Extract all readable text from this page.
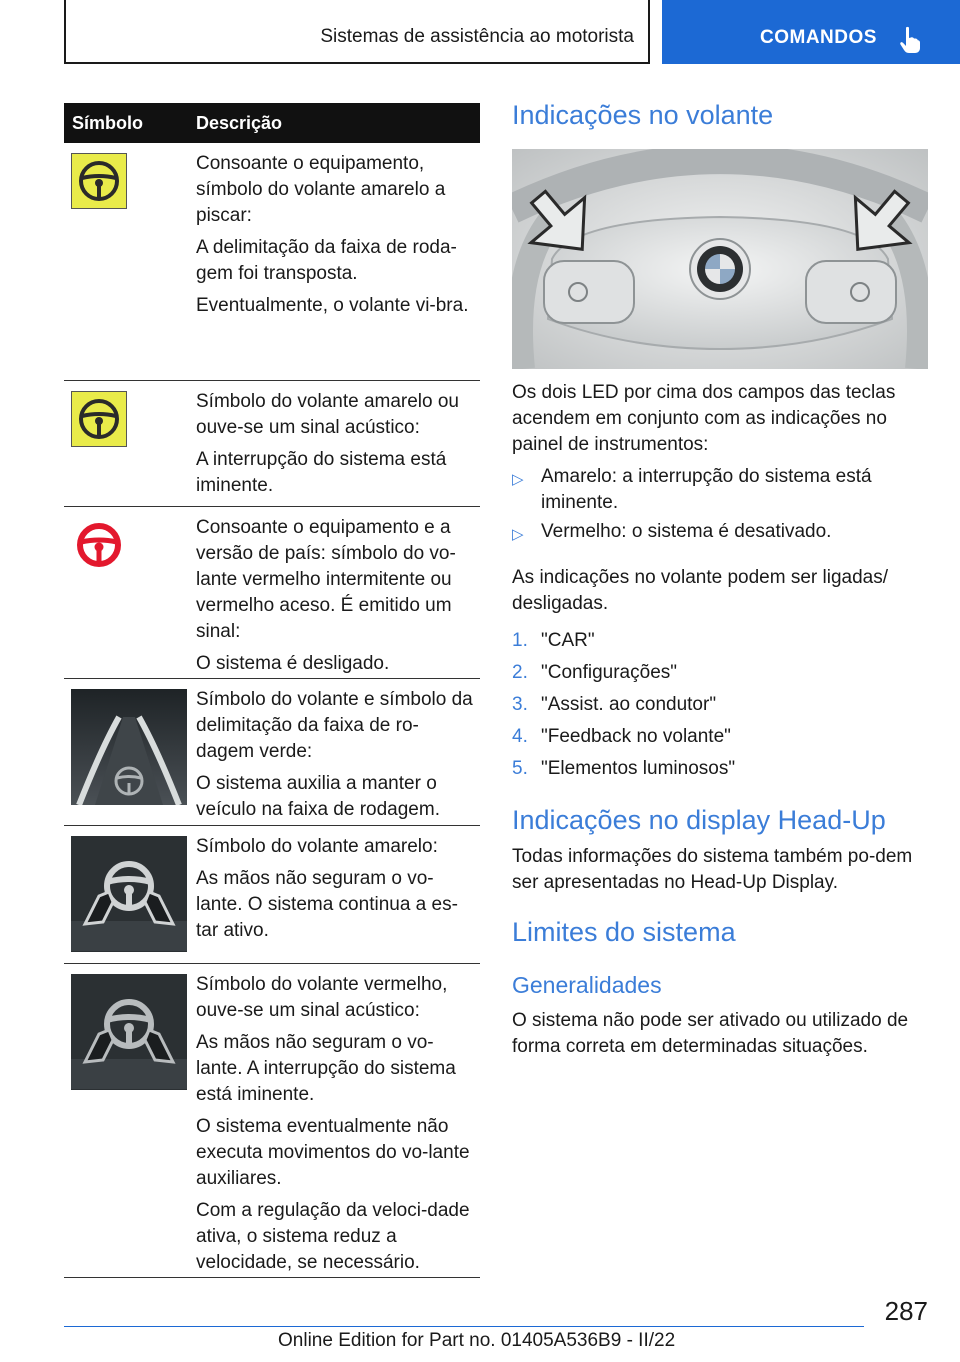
Sistemas de assistência ao motorista	COMANDOS
Símbolo	Descrição

Consoante o equipamento, símbolo do volante amarelo a piscar:

A delimitação da faixa de roda-gem foi transposta.

Eventualmente, o volante vi-bra.

Símbolo do volante amarelo ou ouve-se um sinal acústico:

A interrupção do sistema está iminente.

Consoante o equipamento e a versão de país: símbolo do vo-lante vermelho intermitente ou vermelho aceso. É emitido um sinal:

O sistema é desligado.

Símbolo do volante e símbolo da delimitação da faixa de ro-dagem verde:

O sistema auxilia a manter o veículo na faixa de rodagem.

Símbolo do volante amarelo:

As mãos não seguram o vo-lante. O sistema continua a es-tar ativo.

Símbolo do volante vermelho, ouve-se um sinal acústico:

As mãos não seguram o vo-lante. A interrupção do sistema está iminente.

O sistema eventualmente não executa movimentos do vo-lante auxiliares.

Com a regulação da veloci-dade ativa, o sistema reduz a velocidade, se necessário.

Indicações no volante
Os dois LED por cima dos campos das teclas acendem em conjunto com as indicações no painel de instrumentos:
▷ Amarelo: a interrupção do sistema está iminente.
▷ Vermelho: o sistema é desativado.
As indicações no volante podem ser ligadas/ desligadas.
1. "CAR"
2. "Configurações"
3. "Assist. ao condutor"
4. "Feedback no volante"
5. "Elementos luminosos"
Indicações no display Head-Up
Todas informações do sistema também po-dem ser apresentadas no Head-Up Display.
Limites do sistema
Generalidades
O sistema não pode ser ativado ou utilizado de forma correta em determinadas situações.
287
Online Edition for Part no. 01405A536B9 - II/22
